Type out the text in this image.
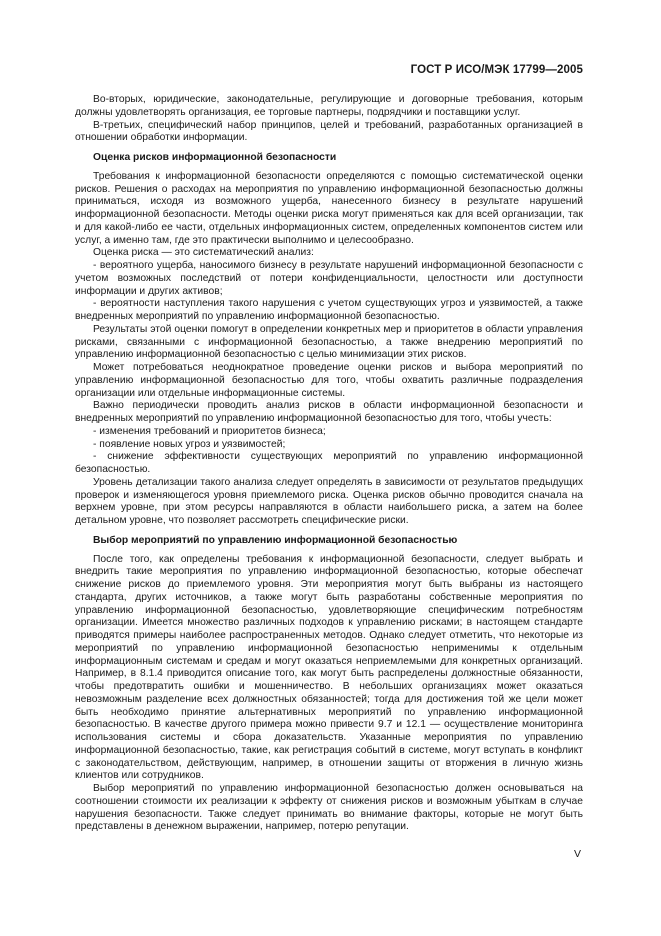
ГОСТ Р ИСО/МЭК 17799—2005

Во-вторых, юридические, законодательные, регулирующие и договорные требования, которым должны удовлетворять организация, ее торговые партнеры, подрядчики и поставщики услуг.

В-третьих, специфический набор принципов, целей и требований, разработанных организацией в отношении обработки информации.

Оценка рисков информационной безопасности

Требования к информационной безопасности определяются с помощью систематической оценки рисков. Решения о расходах на мероприятия по управлению информационной безопасностью должны приниматься, исходя из возможного ущерба, нанесенного бизнесу в результате нарушений информационной безопасности. Методы оценки риска могут применяться как для всей организации, так и для какой-либо ее части, отдельных информационных систем, определенных компонентов систем или услуг, а именно там, где это практически выполнимо и целесообразно.

Оценка риска — это систематический анализ:

- вероятного ущерба, наносимого бизнесу в результате нарушений информационной безопасности с учетом возможных последствий от потери конфиденциальности, целостности или доступности информации и других активов;

- вероятности наступления такого нарушения с учетом существующих угроз и уязвимостей, а также внедренных мероприятий по управлению информационной безопасностью.

Результаты этой оценки помогут в определении конкретных мер и приоритетов в области управления рисками, связанными с информационной безопасностью, а также внедрению мероприятий по управлению информационной безопасностью с целью минимизации этих рисков.

Может потребоваться неоднократное проведение оценки рисков и выбора мероприятий по управлению информационной безопасностью для того, чтобы охватить различные подразделения организации или отдельные информационные системы.

Важно периодически проводить анализ рисков в области информационной безопасности и внедренных мероприятий по управлению информационной безопасностью для того, чтобы учесть:

- изменения требований и приоритетов бизнеса;

- появление новых угроз и уязвимостей;

- снижение эффективности существующих мероприятий по управлению информационной безопасностью.

Уровень детализации такого анализа следует определять в зависимости от результатов предыдущих проверок и изменяющегося уровня приемлемого риска. Оценка рисков обычно проводится сначала на верхнем уровне, при этом ресурсы направляются в области наибольшего риска, а затем на более детальном уровне, что позволяет рассмотреть специфические риски.

Выбор мероприятий по управлению информационной безопасностью

После того, как определены требования к информационной безопасности, следует выбрать и внедрить такие мероприятия по управлению информационной безопасностью, которые обеспечат снижение рисков до приемлемого уровня. Эти мероприятия могут быть выбраны из настоящего стандарта, других источников, а также могут быть разработаны собственные мероприятия по управлению информационной безопасностью, удовлетворяющие специфическим потребностям организации. Имеется множество различных подходов к управлению рисками; в настоящем стандарте приводятся примеры наиболее распространенных методов. Однако следует отметить, что некоторые из мероприятий по управлению информационной безопасностью неприменимы к отдельным информационным системам и средам и могут оказаться неприемлемыми для конкретных организаций. Например, в 8.1.4 приводится описание того, как могут быть распределены должностные обязанности, чтобы предотвратить ошибки и мошенничество. В небольших организациях может оказаться невозможным разделение всех должностных обязанностей; тогда для достижения той же цели может быть необходимо принятие альтернативных мероприятий по управлению информационной безопасностью. В качестве другого примера можно привести 9.7 и 12.1 — осуществление мониторинга использования системы и сбора доказательств. Указанные мероприятия по управлению информационной безопасностью, такие, как регистрация событий в системе, могут вступать в конфликт с законодательством, действующим, например, в отношении защиты от вторжения в личную жизнь клиентов или сотрудников.

Выбор мероприятий по управлению информационной безопасностью должен основываться на соотношении стоимости их реализации к эффекту от снижения рисков и возможным убыткам в случае нарушения безопасности. Также следует принимать во внимание факторы, которые не могут быть представлены в денежном выражении, например, потерю репутации.

V
